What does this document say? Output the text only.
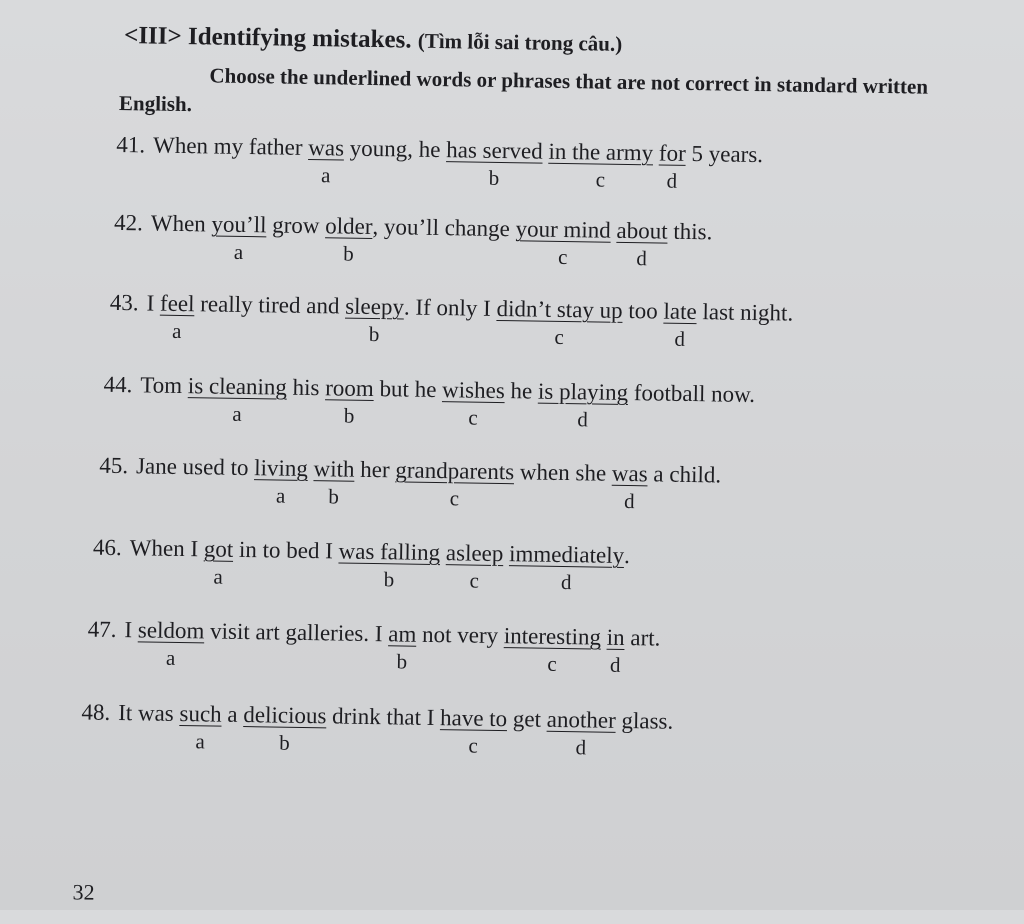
<III> Identifying mistakes. (Tìm lỗi sai trong câu.)
Choose the underlined words or phrases that are not correct in standard written English.
41. When my father was
a
young, he has served
b
in the army
c
for
d
5 years.
42. When you’ll
a
grow older
b
, you’ll change your mind
c
about
d
this.
43. I feel
a
really tired and sleepy
b
. If only I didn’t stay up
c
too late
d
last night.
44. Tom is cleaning
a
his room
b
but he wishes
c
he is playing
d
football now.
45. Jane used to living
a
with
b
her grandparents
c
when she was
d
a child.
46. When I got
a
in to bed I was falling
b
asleep
c
immediately
d
.
47. I seldom
a
visit art galleries. I $\frac{am}{b}$ not very interesting
c
$\frac{in}{d}$ art.
48. It was such
a
a delicious
b
drink that I have to
c
get another
d
glass.
32
